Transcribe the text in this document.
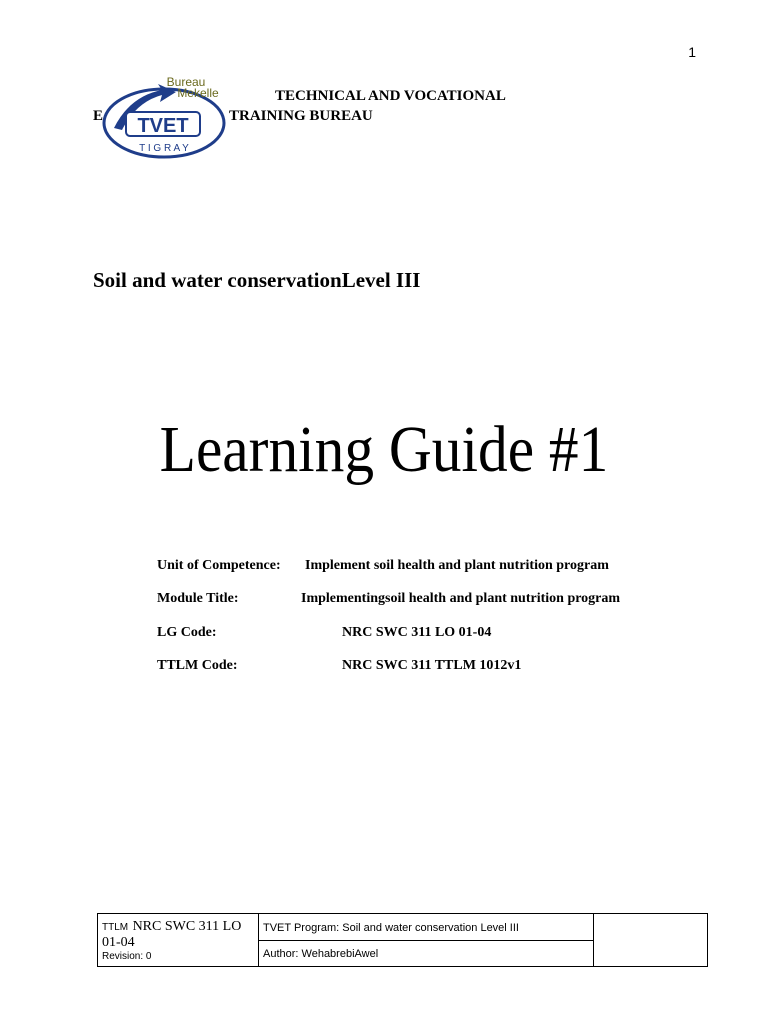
1
TVET
Bureau
Mekelle
T I G R A Y
TECHNICAL AND VOCATIONAL
E	TRAINING BUREAU
Soil and water conservationLevel III
Learning Guide #1
Unit of Competence: Implement soil health and plant nutrition program
Module Title:	Implementingsoil health and plant nutrition program
LG Code:	NRC SWC 311 LO 01-04
TTLM Code:	NRC SWC 311 TTLM 1012v1
TTLM NRC SWC 311 LO
01-04
Revision: 0
	TVET Program: Soil and water conservation Level III	
Author: WehabrebiAwel
